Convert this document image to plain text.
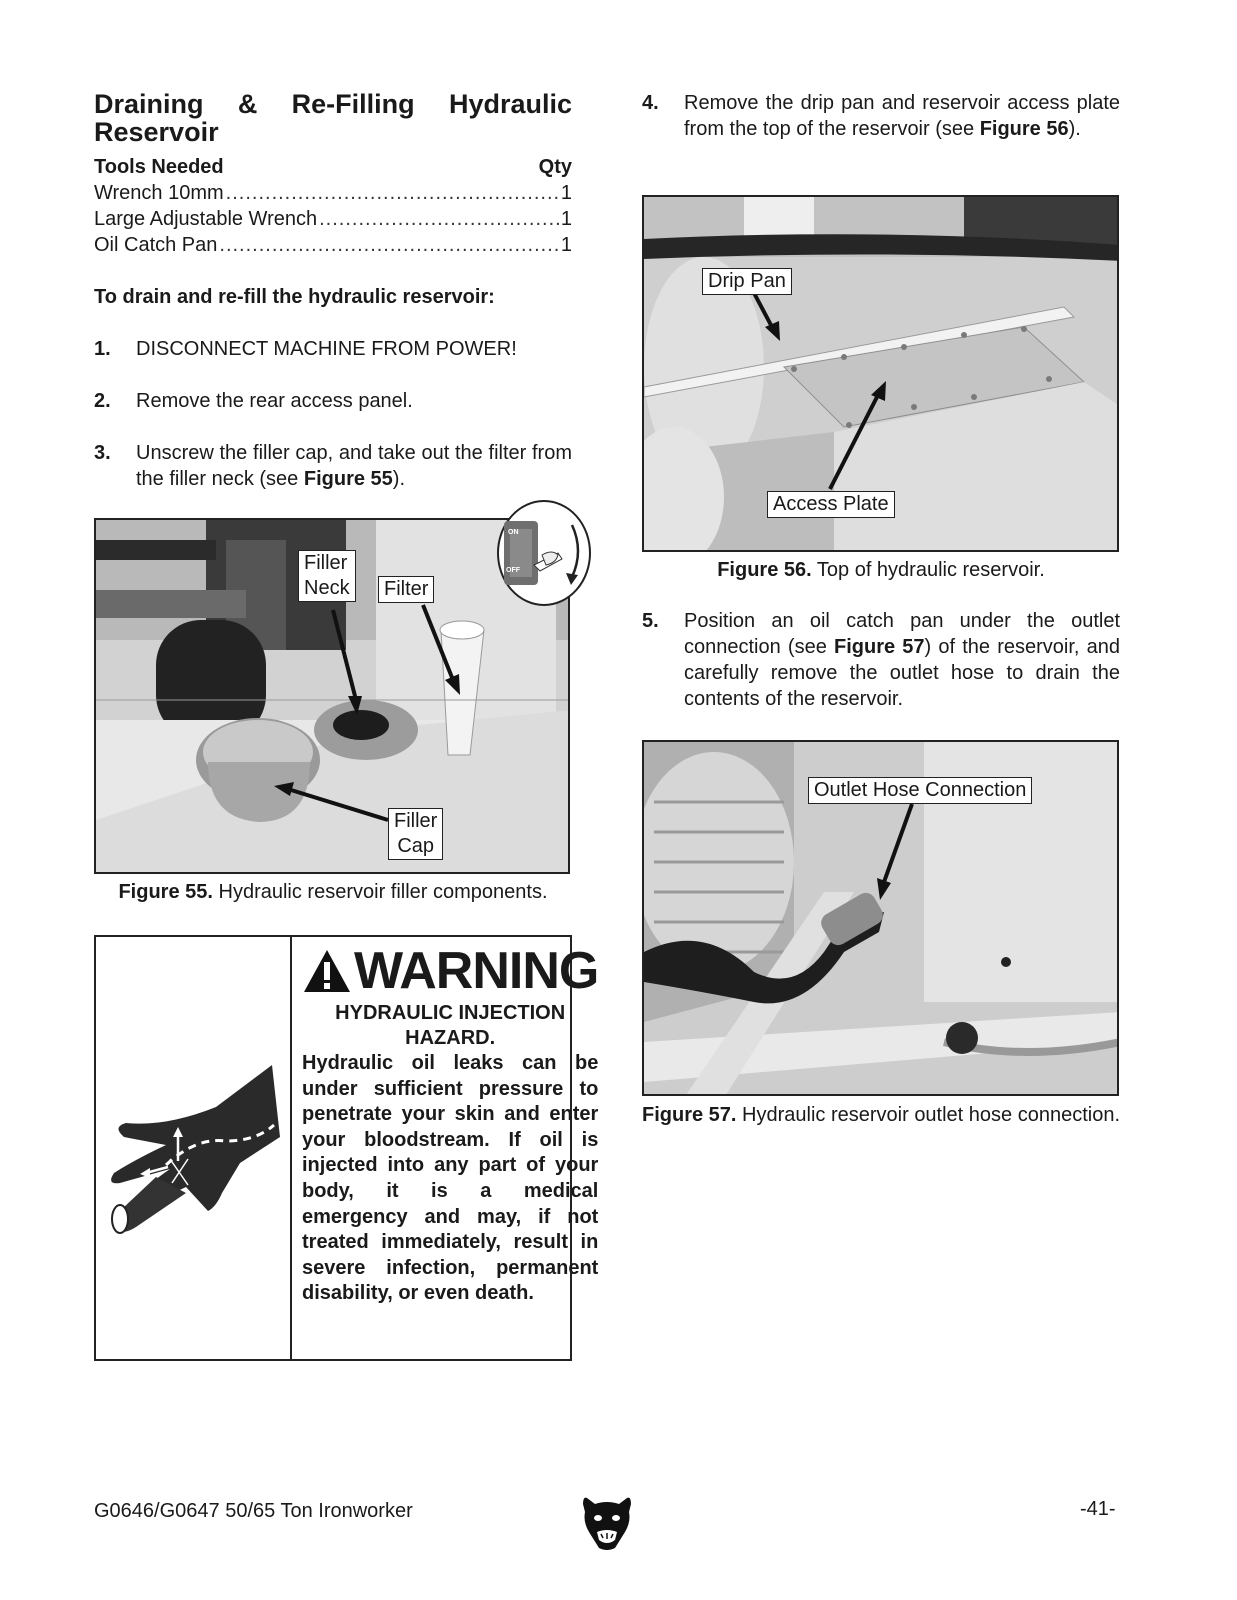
Draining & Re-Filling Hydraulic Reservoir
Tools Needed	Qty
Wrench 10mm .....	1
Large Adjustable Wrench .....	1
Oil Catch Pan .....	1
To drain and re-fill the hydraulic reservoir:
1.	DISCONNECT MACHINE FROM POWER!
2.	Remove the rear access panel.
3.	Unscrew the filler cap, and take out the filter from the filler neck (see Figure 55).
Filler
Neck	Filter
Filler
Cap
ON
OFF
Figure 55. Hydraulic reservoir filler components.
WARNING
HYDRAULIC INJECTION HAZARD.
Hydraulic oil leaks can be under sufficient pressure to penetrate your skin and enter your bloodstream. If oil is injected into any part of your body, it is a medical emergency and may, if not treated immediately, result in severe infection, permanent disability, or even death.
4.	Remove the drip pan and reservoir access plate from the top of the reservoir (see Figure 56).
Drip Pan
Access Plate
Figure 56. Top of hydraulic reservoir.
5.	Position an oil catch pan under the outlet connection (see Figure 57) of the reservoir, and carefully remove the outlet hose to drain the contents of the reservoir.
Outlet Hose Connection
Figure 57. Hydraulic reservoir outlet hose connection.
G0646/G0647 50/65 Ton Ironworker	-41-
